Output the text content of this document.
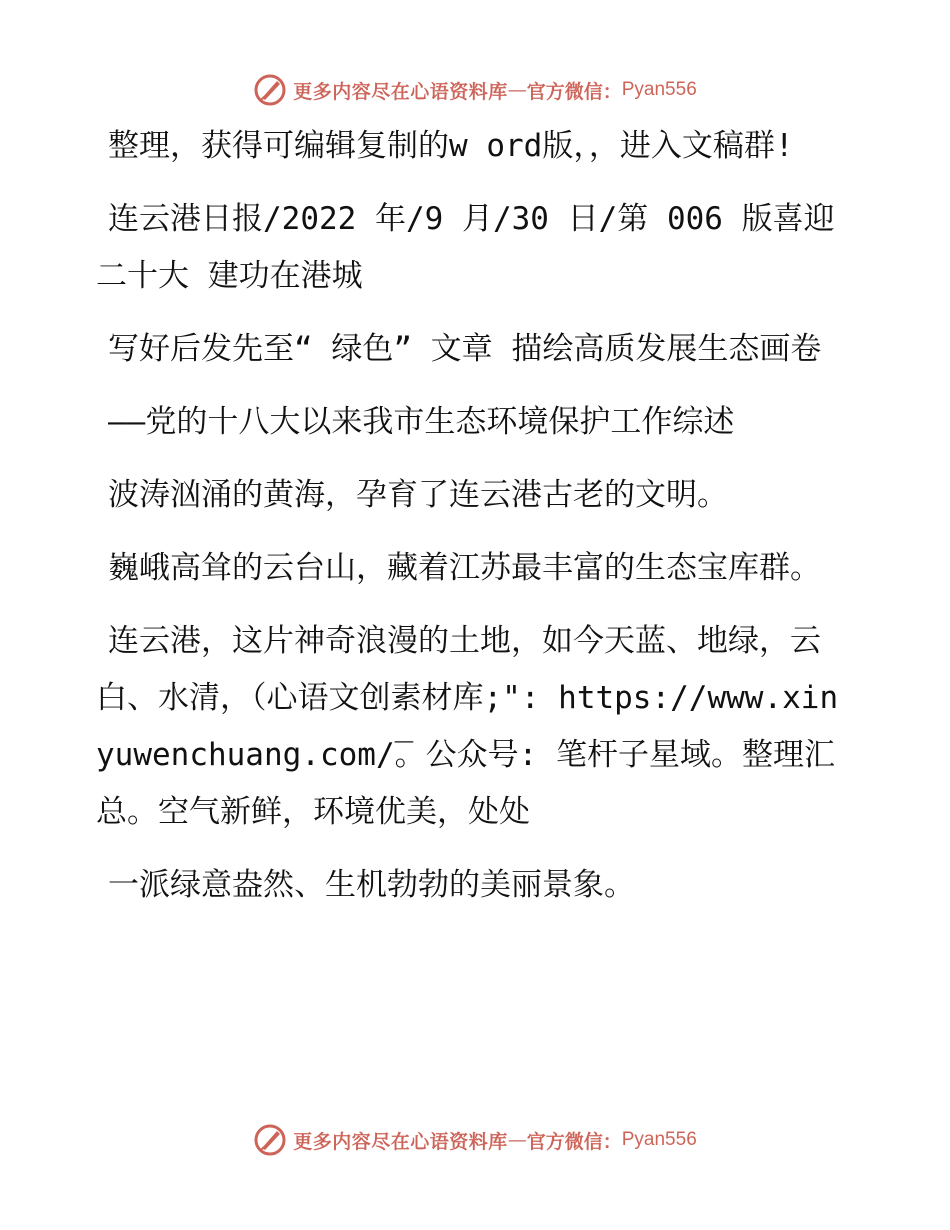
更多内容尽在心语资料库 — 官方微信： Pyan556

整理，获得可编辑复制的w ord版，，进入文稿群!

连云港日报/2022 年/9 月/30 日/第 006 版喜迎二十大 建功在港城

写好后发先至“ 绿色” 文章 描绘高质发展生态画卷

——党的十八大以来我市生态环境保护工作综述

波涛汹涌的黄海，孕育了连云港古老的文明。

巍峨高耸的云台山，藏着江苏最丰富的生态宝库群。

连云港，这片神奇浪漫的土地，如今天蓝、地绿，云白、水清，（心语文创素材库;": https://www.xinyuwenchuang.com/̅。公众号: 笔杆子星域。整理汇总。空气新鲜，环境优美，处处

一派绿意盎然、生机勃勃的美丽景象。

更多内容尽在心语资料库 — 官方微信： Pyan556
